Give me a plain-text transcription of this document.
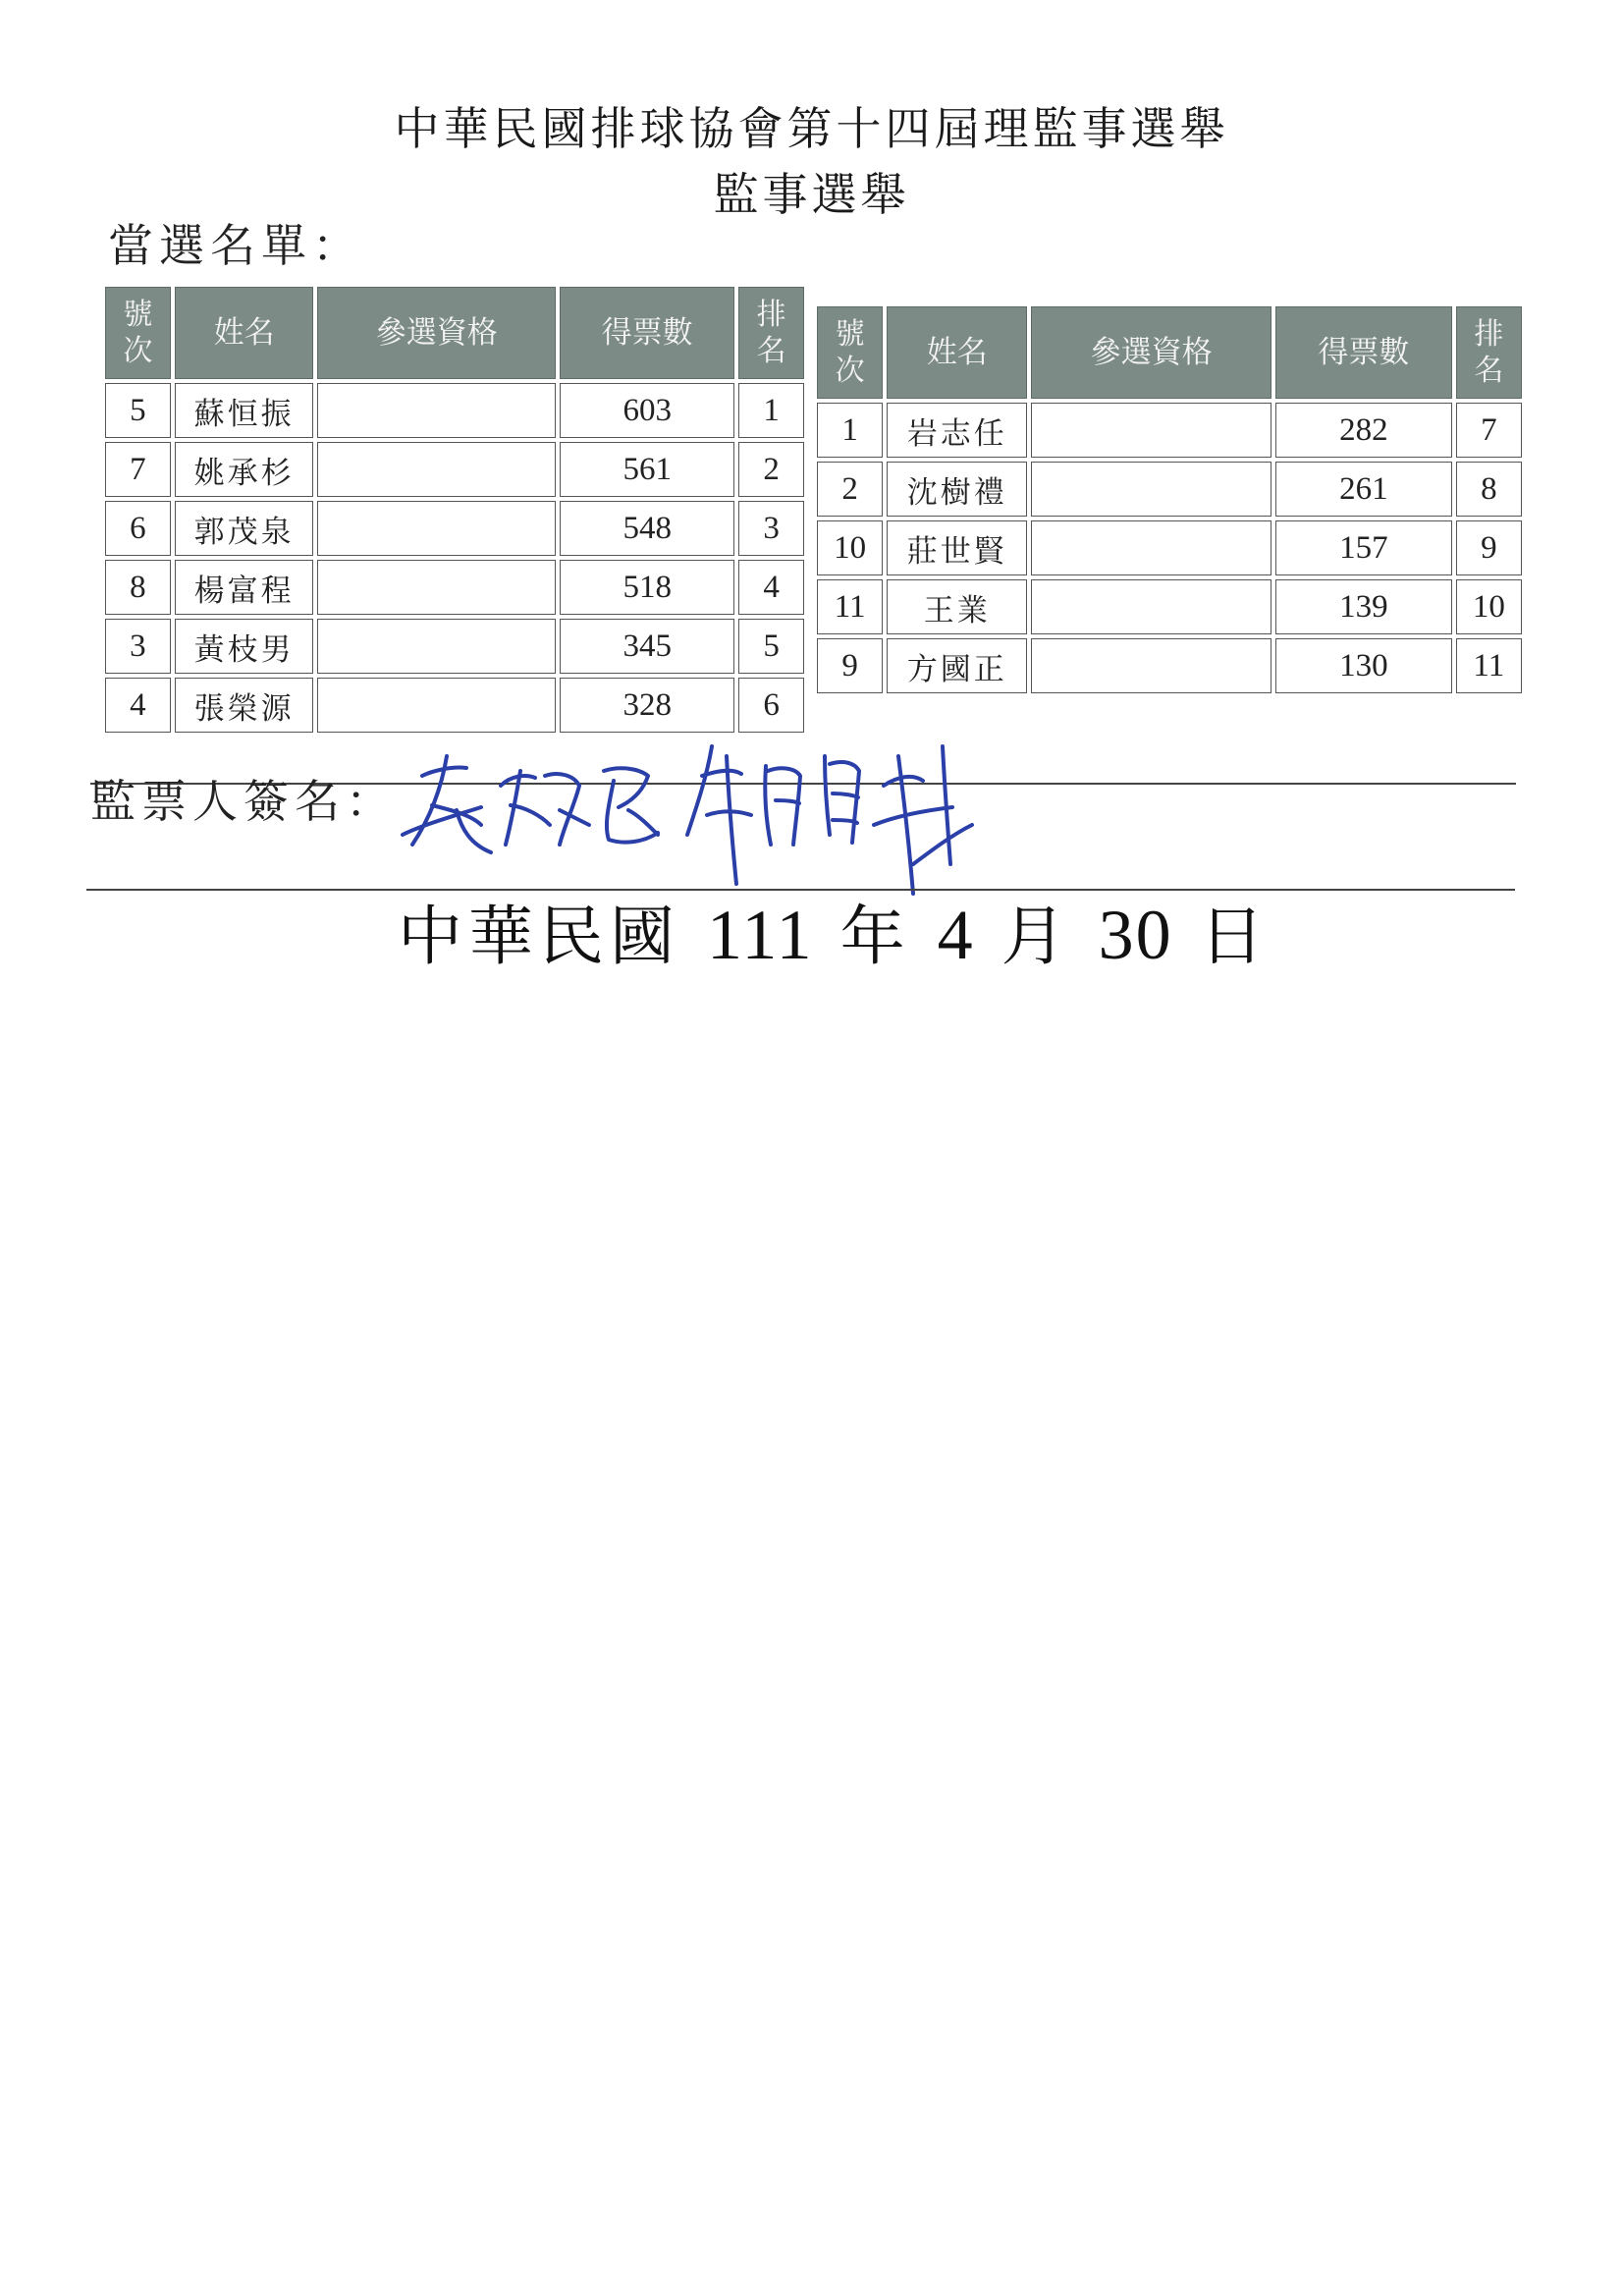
中華民國排球協會第十四屆理監事選舉
監事選舉
當選名單：
號次	姓名	參選資格	得票數	排名
5	蘇恒振		603	1
7	姚承杉		561	2
6	郭茂泉		548	3
8	楊富程		518	4
3	黃枝男		345	5
4	張榮源		328	6
號次	姓名	參選資格	得票數	排名
1	岩志任		282	7
2	沈樹禮		261	8
10	莊世賢		157	9
11	王業		139	10
9	方國正		130	11
監票人簽名：
中華民國 111 年 4 月 30 日
